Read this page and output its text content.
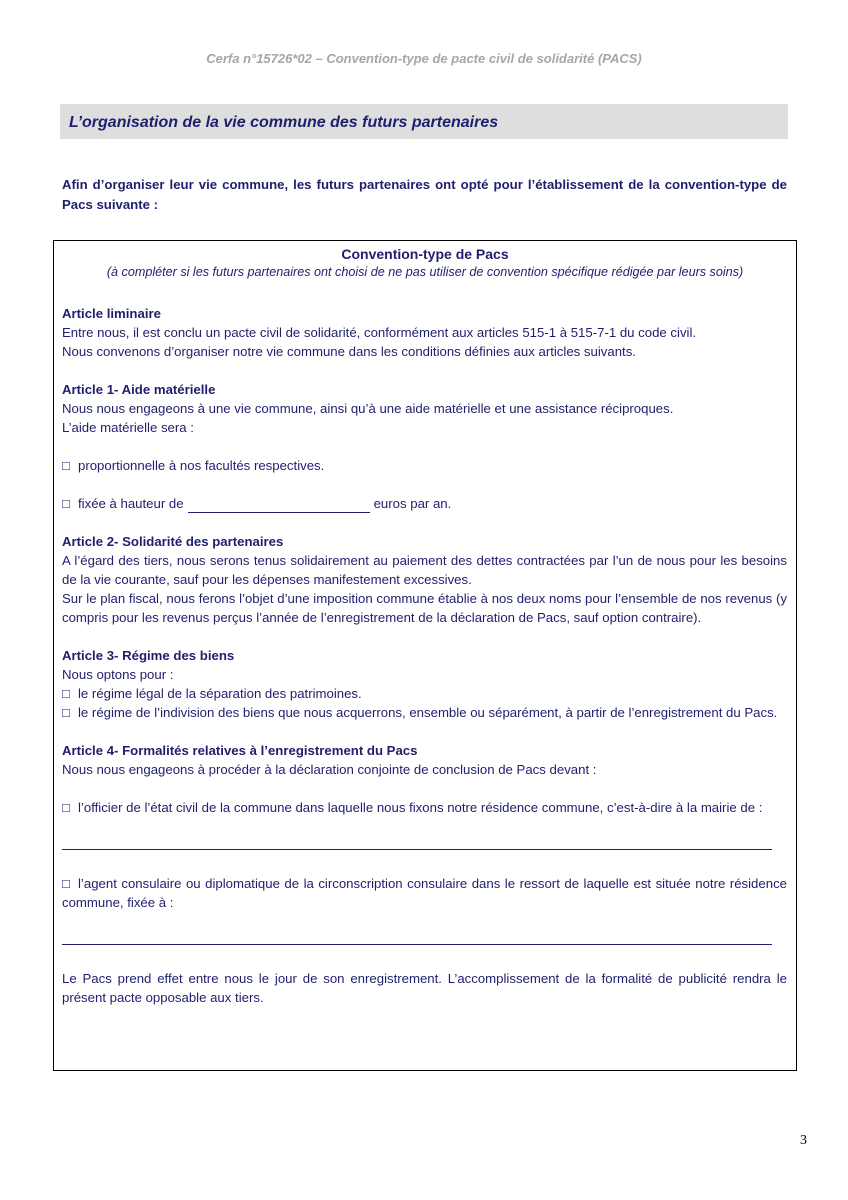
Cerfa n°15726*02 – Convention-type de pacte civil de solidarité (PACS)
L’organisation de la vie commune des futurs partenaires
Afin d’organiser leur vie commune, les futurs partenaires ont opté pour l’établissement de la convention-type de Pacs suivante :
Convention-type de Pacs
(à compléter si les futurs partenaires ont choisi de ne pas utiliser de convention spécifique rédigée par leurs soins)

Article liminaire

Entre nous, il est conclu un pacte civil de solidarité, conformément aux articles 515-1 à 515-7-1 du code civil.

Nous convenons d’organiser notre vie commune dans les conditions définies aux articles suivants.

Article 1- Aide matérielle

Nous nous engageons à une vie commune, ainsi qu’à une aide matérielle et une assistance réciproques.

L’aide matérielle sera :

□ proportionnelle à nos facultés respectives.

□ fixée à hauteur de	euros par an.

Article 2- Solidarité des partenaires

A l’égard des tiers, nous serons tenus solidairement au paiement des dettes contractées par l’un de nous pour les besoins de la vie courante, sauf pour les dépenses manifestement excessives.

Sur le plan fiscal, nous ferons l’objet d’une imposition commune établie à nos deux noms pour l’ensemble de nos revenus (y compris pour les revenus perçus l’année de l’enregistrement de la déclaration de Pacs, sauf option contraire).

Article 3- Régime des biens

Nous optons pour :

□ le régime légal de la séparation des patrimoines.

□ le régime de l’indivision des biens que nous acquerrons, ensemble ou séparément, à partir de l’enregistrement du Pacs.

Article 4- Formalités relatives à l’enregistrement du Pacs

Nous nous engageons à procéder à la déclaration conjointe de conclusion de Pacs devant :

□ l’officier de l’état civil de la commune dans laquelle nous fixons notre résidence commune, c’est-à-dire à la mairie de :

□ l’agent consulaire ou diplomatique de la circonscription consulaire dans le ressort de laquelle est située notre résidence commune, fixée à :

Le Pacs prend effet entre nous le jour de son enregistrement. L’accomplissement de la formalité de publicité rendra le présent pacte opposable aux tiers.

3
